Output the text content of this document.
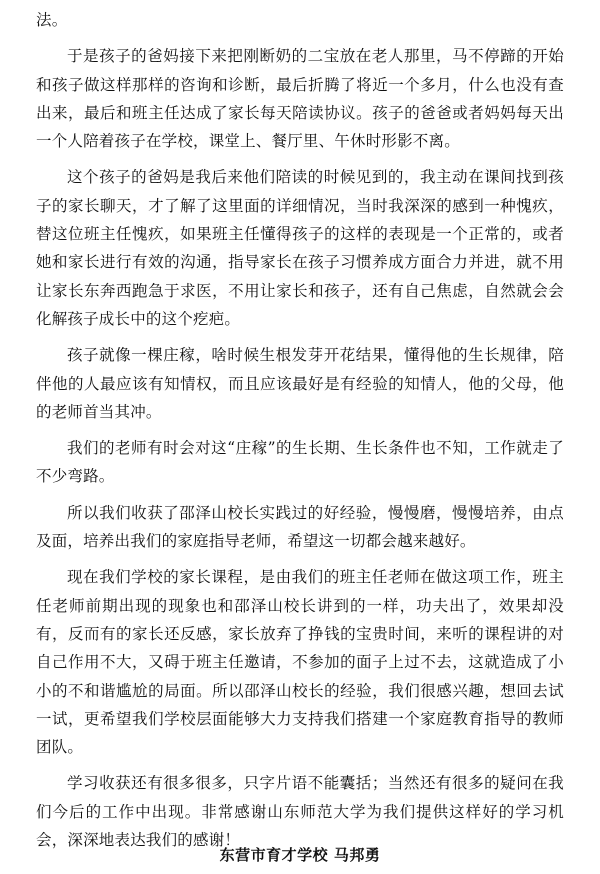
法。

于是孩子的爸妈接下来把刚断奶的二宝放在老人那里，马不停蹄的开始和孩子做这样那样的咨询和诊断，最后折腾了将近一个多月，什么也没有查出来，最后和班主任达成了家长每天陪读协议。孩子的爸爸或者妈妈每天出一个人陪着孩子在学校，课堂上、餐厅里、午休时形影不离。

这个孩子的爸妈是我后来他们陪读的时候见到的，我主动在课间找到孩子的家长聊天，才了解了这里面的详细情况，当时我深深的感到一种愧疚，替这位班主任愧疚，如果班主任懂得孩子的这样的表现是一个正常的，或者她和家长进行有效的沟通，指导家长在孩子习惯养成方面合力并进，就不用让家长东奔西跑急于求医，不用让家长和孩子，还有自己焦虑，自然就会会化解孩子成长中的这个疙疤。

孩子就像一棵庄稼，啥时候生根发芽开花结果，懂得他的生长规律，陪伴他的人最应该有知情权，而且应该最好是有经验的知情人，他的父母，他的老师首当其冲。

我们的老师有时会对这“庄稼”的生长期、生长条件也不知，工作就走了不少弯路。

所以我们收获了邵泽山校长实践过的好经验，慢慢磨，慢慢培养，由点及面，培养出我们的家庭指导老师，希望这一切都会越来越好。

现在我们学校的家长课程，是由我们的班主任老师在做这项工作，班主任老师前期出现的现象也和邵泽山校长讲到的一样，功夫出了，效果却没有，反而有的家长还反感，家长放弃了挣钱的宝贵时间，来听的课程讲的对自己作用不大，又碍于班主任邀请，不参加的面子上过不去，这就造成了小小的不和谐尴尬的局面。所以邵泽山校长的经验，我们很感兴趣，想回去试一试，更希望我们学校层面能够大力支持我们搭建一个家庭教育指导的教师团队。

学习收获还有很多很多，只字片语不能囊括；当然还有很多的疑问在我们今后的工作中出现。非常感谢山东师范大学为我们提供这样好的学习机会，深深地表达我们的感谢！

东营市育才学校 马邦勇
